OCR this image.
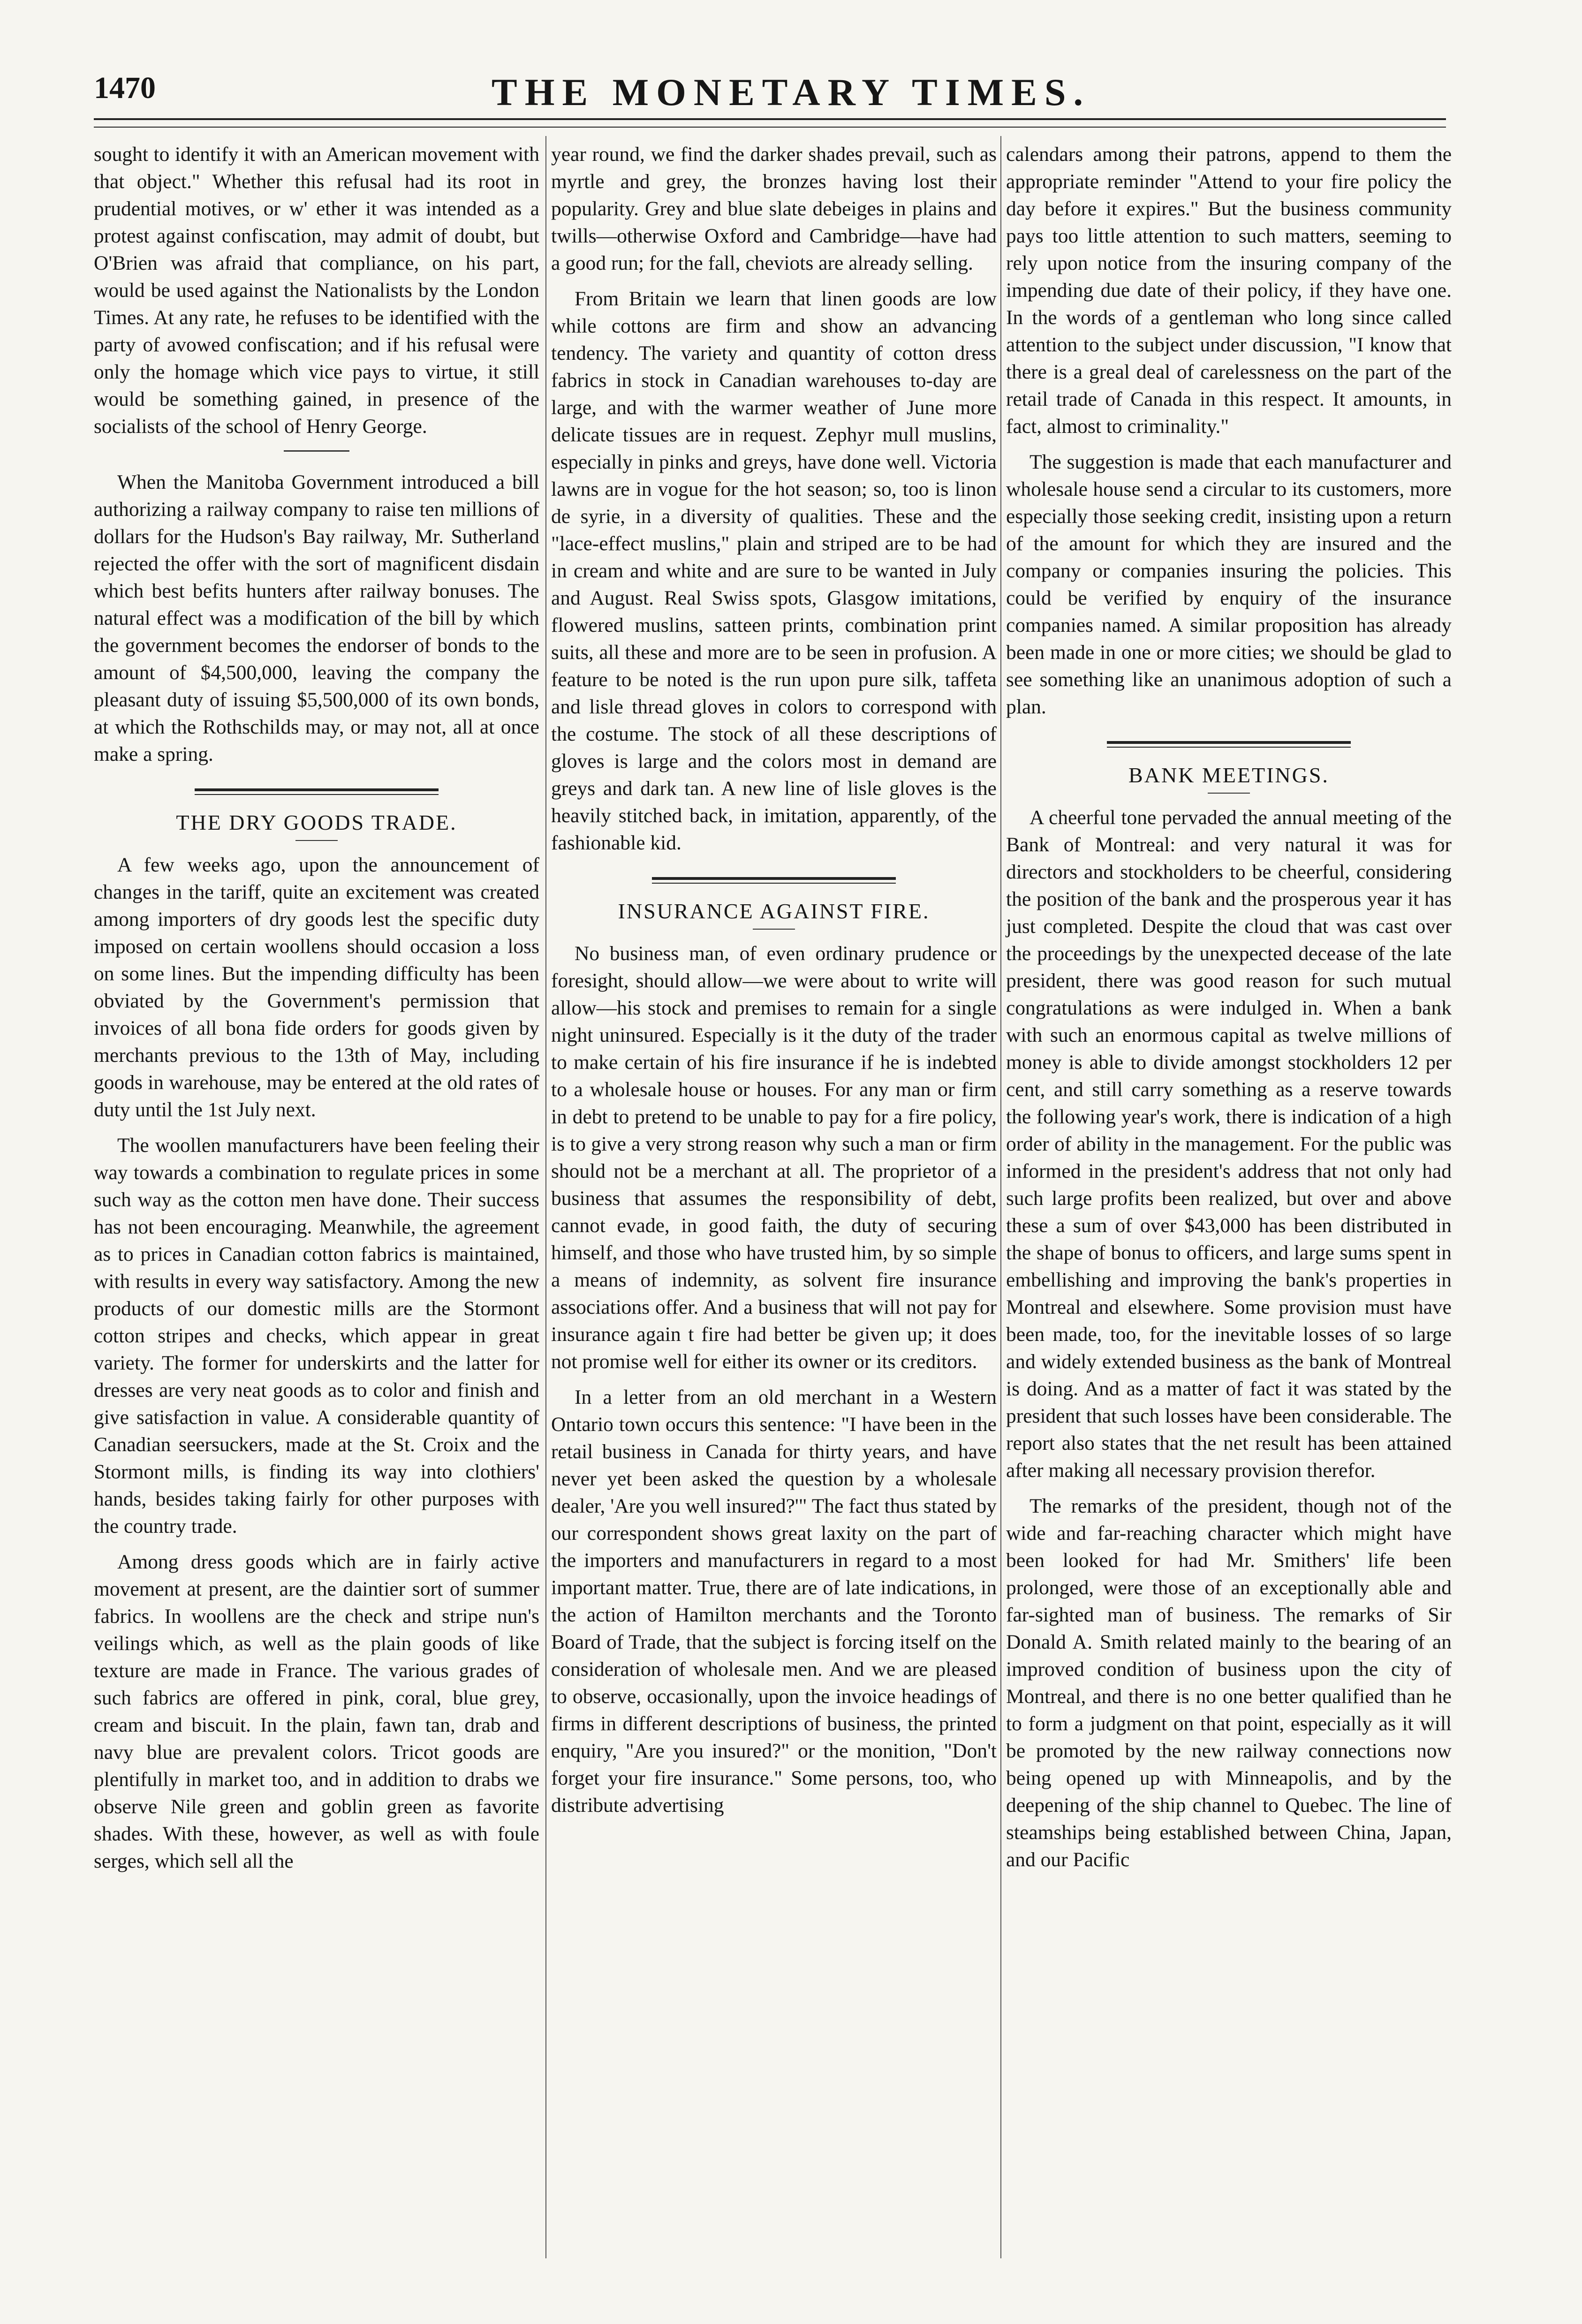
1470	THE MONETARY TIMES.

sought to identify it with an American movement with that object." Whether this refusal had its root in prudential motives, or w' ether it was intended as a protest against confiscation, may admit of doubt, but O'Brien was afraid that compliance, on his part, would be used against the Nationalists by the London Times. At any rate, he refuses to be identified with the party of avowed confiscation; and if his refusal were only the homage which vice pays to virtue, it still would be something gained, in presence of the socialists of the school of Henry George.

When the Manitoba Government introduced a bill authorizing a railway company to raise ten millions of dollars for the Hudson's Bay railway, Mr. Sutherland rejected the offer with the sort of magnificent disdain which best befits hunters after railway bonuses. The natural effect was a modification of the bill by which the government becomes the endorser of bonds to the amount of $4,500,000, leaving the company the pleasant duty of issuing $5,500,000 of its own bonds, at which the Rothschilds may, or may not, all at once make a spring.

THE DRY GOODS TRADE.

A few weeks ago, upon the announcement of changes in the tariff, quite an excitement was created among importers of dry goods lest the specific duty imposed on certain woollens should occasion a loss on some lines. But the impending difficulty has been obviated by the Government's permission that invoices of all bona fide orders for goods given by merchants previous to the 13th of May, including goods in warehouse, may be entered at the old rates of duty until the 1st July next.

The woollen manufacturers have been feeling their way towards a combination to regulate prices in some such way as the cotton men have done. Their success has not been encouraging. Meanwhile, the agreement as to prices in Canadian cotton fabrics is maintained, with results in every way satisfactory. Among the new products of our domestic mills are the Stormont cotton stripes and checks, which appear in great variety. The former for underskirts and the latter for dresses are very neat goods as to color and finish and give satisfaction in value. A considerable quantity of Canadian seersuckers, made at the St. Croix and the Stormont mills, is finding its way into clothiers' hands, besides taking fairly for other purposes with the country trade.

Among dress goods which are in fairly active movement at present, are the daintier sort of summer fabrics. In woollens are the check and stripe nun's veilings which, as well as the plain goods of like texture are made in France. The various grades of such fabrics are offered in pink, coral, blue grey, cream and biscuit. In the plain, fawn tan, drab and navy blue are prevalent colors. Tricot goods are plentifully in market too, and in addition to drabs we observe Nile green and goblin green as favorite shades. With these, however, as well as with foule serges, which sell all the

year round, we find the darker shades prevail, such as myrtle and grey, the bronzes having lost their popularity. Grey and blue slate debeiges in plains and twills—otherwise Oxford and Cambridge—have had a good run; for the fall, cheviots are already selling.

From Britain we learn that linen goods are low while cottons are firm and show an advancing tendency. The variety and quantity of cotton dress fabrics in stock in Canadian warehouses to-day are large, and with the warmer weather of June more delicate tissues are in request. Zephyr mull muslins, especially in pinks and greys, have done well. Victoria lawns are in vogue for the hot season; so, too is linon de syrie, in a diversity of qualities. These and the "lace-effect muslins," plain and striped are to be had in cream and white and are sure to be wanted in July and August. Real Swiss spots, Glasgow imitations, flowered muslins, satteen prints, combination print suits, all these and more are to be seen in profusion. A feature to be noted is the run upon pure silk, taffeta and lisle thread gloves in colors to correspond with the costume. The stock of all these descriptions of gloves is large and the colors most in demand are greys and dark tan. A new line of lisle gloves is the heavily stitched back, in imitation, apparently, of the fashionable kid.

INSURANCE AGAINST FIRE.

No business man, of even ordinary prudence or foresight, should allow—we were about to write will allow—his stock and premises to remain for a single night uninsured. Especially is it the duty of the trader to make certain of his fire insurance if he is indebted to a wholesale house or houses. For any man or firm in debt to pretend to be unable to pay for a fire policy, is to give a very strong reason why such a man or firm should not be a merchant at all. The proprietor of a business that assumes the responsibility of debt, cannot evade, in good faith, the duty of securing himself, and those who have trusted him, by so simple a means of indemnity, as solvent fire insurance associations offer. And a business that will not pay for insurance again t fire had better be given up; it does not promise well for either its owner or its creditors.

In a letter from an old merchant in a Western Ontario town occurs this sentence: "I have been in the retail business in Canada for thirty years, and have never yet been asked the question by a wholesale dealer, 'Are you well insured?'" The fact thus stated by our correspondent shows great laxity on the part of the importers and manufacturers in regard to a most important matter. True, there are of late indications, in the action of Hamilton merchants and the Toronto Board of Trade, that the subject is forcing itself on the consideration of wholesale men. And we are pleased to observe, occasionally, upon the invoice headings of firms in different descriptions of business, the printed enquiry, "Are you insured?" or the monition, "Don't forget your fire insurance." Some persons, too, who distribute advertising

calendars among their patrons, append to them the appropriate reminder "Attend to your fire policy the day before it expires." But the business community pays too little attention to such matters, seeming to rely upon notice from the insuring company of the impending due date of their policy, if they have one. In the words of a gentleman who long since called attention to the subject under discussion, "I know that there is a greal deal of carelessness on the part of the retail trade of Canada in this respect. It amounts, in fact, almost to criminality."

The suggestion is made that each manufacturer and wholesale house send a circular to its customers, more especially those seeking credit, insisting upon a return of the amount for which they are insured and the company or companies insuring the policies. This could be verified by enquiry of the insurance companies named. A similar proposition has already been made in one or more cities; we should be glad to see something like an unanimous adoption of such a plan.

BANK MEETINGS.

A cheerful tone pervaded the annual meeting of the Bank of Montreal: and very natural it was for directors and stockholders to be cheerful, considering the position of the bank and the prosperous year it has just completed. Despite the cloud that was cast over the proceedings by the unexpected decease of the late president, there was good reason for such mutual congratulations as were indulged in. When a bank with such an enormous capital as twelve millions of money is able to divide amongst stockholders 12 per cent, and still carry something as a reserve towards the following year's work, there is indication of a high order of ability in the management. For the public was informed in the president's address that not only had such large profits been realized, but over and above these a sum of over $43,000 has been distributed in the shape of bonus to officers, and large sums spent in embellishing and improving the bank's properties in Montreal and elsewhere. Some provision must have been made, too, for the inevitable losses of so large and widely extended business as the bank of Montreal is doing. And as a matter of fact it was stated by the president that such losses have been considerable. The report also states that the net result has been attained after making all necessary provision therefor.

The remarks of the president, though not of the wide and far-reaching character which might have been looked for had Mr. Smithers' life been prolonged, were those of an exceptionally able and far-sighted man of business. The remarks of Sir Donald A. Smith related mainly to the bearing of an improved condition of business upon the city of Montreal, and there is no one better qualified than he to form a judgment on that point, especially as it will be promoted by the new railway connections now being opened up with Minneapolis, and by the deepening of the ship channel to Quebec. The line of steamships being established between China, Japan, and our Pacific
